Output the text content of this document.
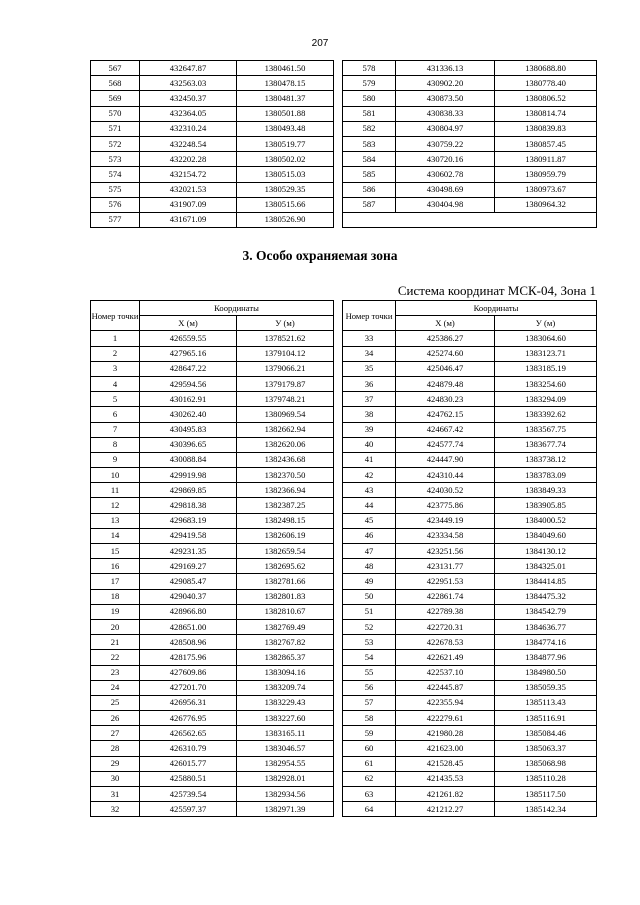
207
567	432647.87	1380461.50
568	432563.03	1380478.15
569	432450.37	1380481.37
570	432364.05	1380501.88
571	432310.24	1380493.48
572	432248.54	1380519.77
573	432202.28	1380502.02
574	432154.72	1380515.03
575	432021.53	1380529.35
576	431907.09	1380515.66
577	431671.09	1380526.90
578	431336.13	1380688.80
579	430902.20	1380778.40
580	430873.50	1380806.52
581	430838.33	1380814.74
582	430804.97	1380839.83
583	430759.22	1380857.45
584	430720.16	1380911.87
585	430602.78	1380959.79
586	430498.69	1380973.67
587	430404.98	1380964.32

3. Особо охраняемая зона
Система координат МСК-04, Зона 1
Номер точки	Координаты	
	X (м)	У (м)
1	426559.55	1378521.62
2	427965.16	1379104.12
3	428647.22	1379066.21
4	429594.56	1379179.87
5	430162.91	1379748.21
6	430262.40	1380969.54
7	430495.83	1382662.94
8	430396.65	1382620.06
9	430088.84	1382436.68
10	429919.98	1382370.50
11	429869.85	1382366.94
12	429818.38	1382387.25
13	429683.19	1382498.15
14	429419.58	1382606.19
15	429231.35	1382659.54
16	429169.27	1382695.62
17	429085.47	1382781.66
18	429040.37	1382801.83
19	428966.80	1382810.67
20	428651.00	1382769.49
21	428508.96	1382767.82
22	428175.96	1382865.37
23	427609.86	1383094.16
24	427201.70	1383209.74
25	426956.31	1383229.43
26	426776.95	1383227.60
27	426562.65	1383165.11
28	426310.79	1383046.57
29	426015.77	1382954.55
30	425880.51	1382928.01
31	425739.54	1382934.56
32	425597.37	1382971.39
Номер точки	Координаты	
	X (м)	У (м)
33	425386.27	1383064.60
34	425274.60	1383123.71
35	425046.47	1383185.19
36	424879.48	1383254.60
37	424830.23	1383294.09
38	424762.15	1383392.62
39	424667.42	1383567.75
40	424577.74	1383677.74
41	424447.90	1383738.12
42	424310.44	1383783.09
43	424030.52	1383849.33
44	423775.86	1383905.85
45	423449.19	1384000.52
46	423334.58	1384049.60
47	423251.56	1384130.12
48	423131.77	1384325.01
49	422951.53	1384414.85
50	422861.74	1384475.32
51	422789.38	1384542.79
52	422720.31	1384636.77
53	422678.53	1384774.16
54	422621.49	1384877.96
55	422537.10	1384980.50
56	422445.87	1385059.35
57	422355.94	1385113.43
58	422279.61	1385116.91
59	421980.28	1385084.46
60	421623.00	1385063.37
61	421528.45	1385068.98
62	421435.53	1385110.28
63	421261.82	1385117.50
64	421212.27	1385142.34
